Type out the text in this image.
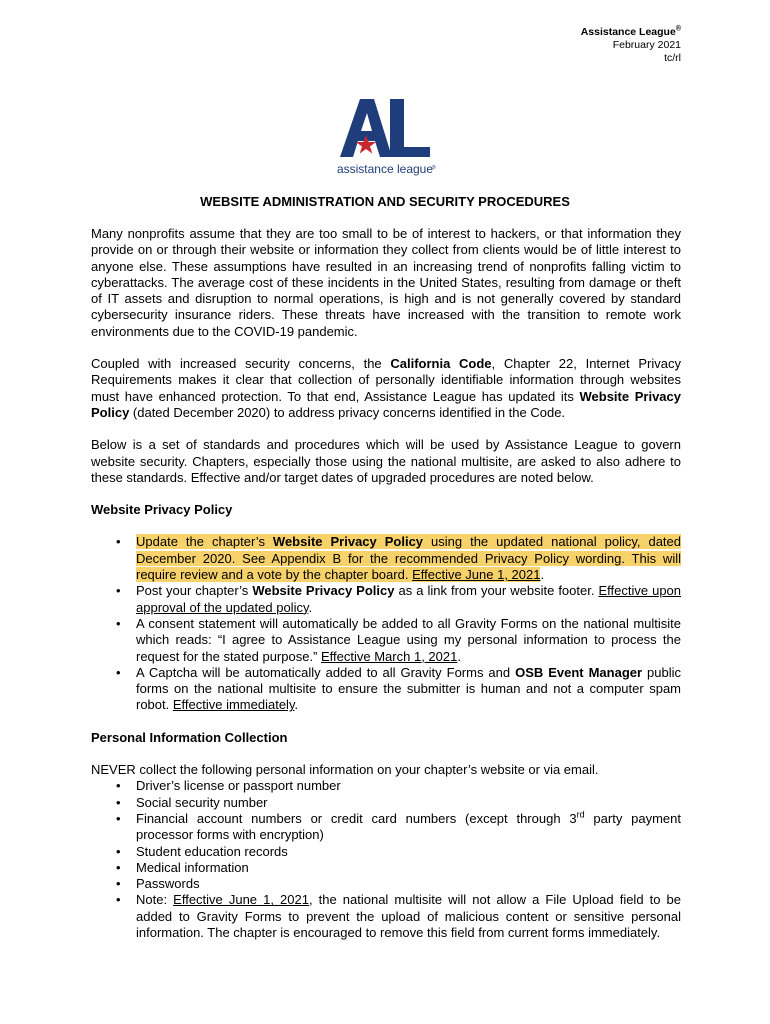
Assistance League®
February 2021
tc/rl
assistance league
®
WEBSITE ADMINISTRATION AND SECURITY PROCEDURES

Many nonprofits assume that they are too small to be of interest to hackers, or that information they provide on or through their website or information they collect from clients would be of little interest to anyone else. These assumptions have resulted in an increasing trend of nonprofits falling victim to cyberattacks. The average cost of these incidents in the United States, resulting from damage or theft of IT assets and disruption to normal operations, is high and is not generally covered by standard cybersecurity insurance riders. These threats have increased with the transition to remote work environments due to the COVID-19 pandemic.

Coupled with increased security concerns, the California Code, Chapter 22, Internet Privacy Requirements makes it clear that collection of personally identifiable information through websites must have enhanced protection. To that end, Assistance League has updated its Website Privacy Policy (dated December 2020) to address privacy concerns identified in the Code.

Below is a set of standards and procedures which will be used by Assistance League to govern website security. Chapters, especially those using the national multisite, are asked to also adhere to these standards. Effective and/or target dates of upgraded procedures are noted below.

Website Privacy Policy
• Update the chapter’s Website Privacy Policy using the updated national policy, dated December 2020. See Appendix B for the recommended Privacy Policy wording. This will require review and a vote by the chapter board. Effective June 1, 2021.
• Post your chapter’s Website Privacy Policy as a link from your website footer. Effective upon approval of the updated policy.
• A consent statement will automatically be added to all Gravity Forms on the national multisite which reads: “I agree to Assistance League using my personal information to process the request for the stated purpose.” Effective March 1, 2021.
• A Captcha will be automatically added to all Gravity Forms and OSB Event Manager public forms on the national multisite to ensure the submitter is human and not a computer spam robot. Effective immediately.
Personal Information Collection

NEVER collect the following personal information on your chapter’s website or via email.

• Driver’s license or passport number
• Social security number
• Financial account numbers or credit card numbers (except through 3rd party payment processor forms with encryption)
• Student education records
• Medical information
• Passwords
• Note: Effective June 1, 2021, the national multisite will not allow a File Upload field to be added to Gravity Forms to prevent the upload of malicious content or sensitive personal information. The chapter is encouraged to remove this field from current forms immediately.
